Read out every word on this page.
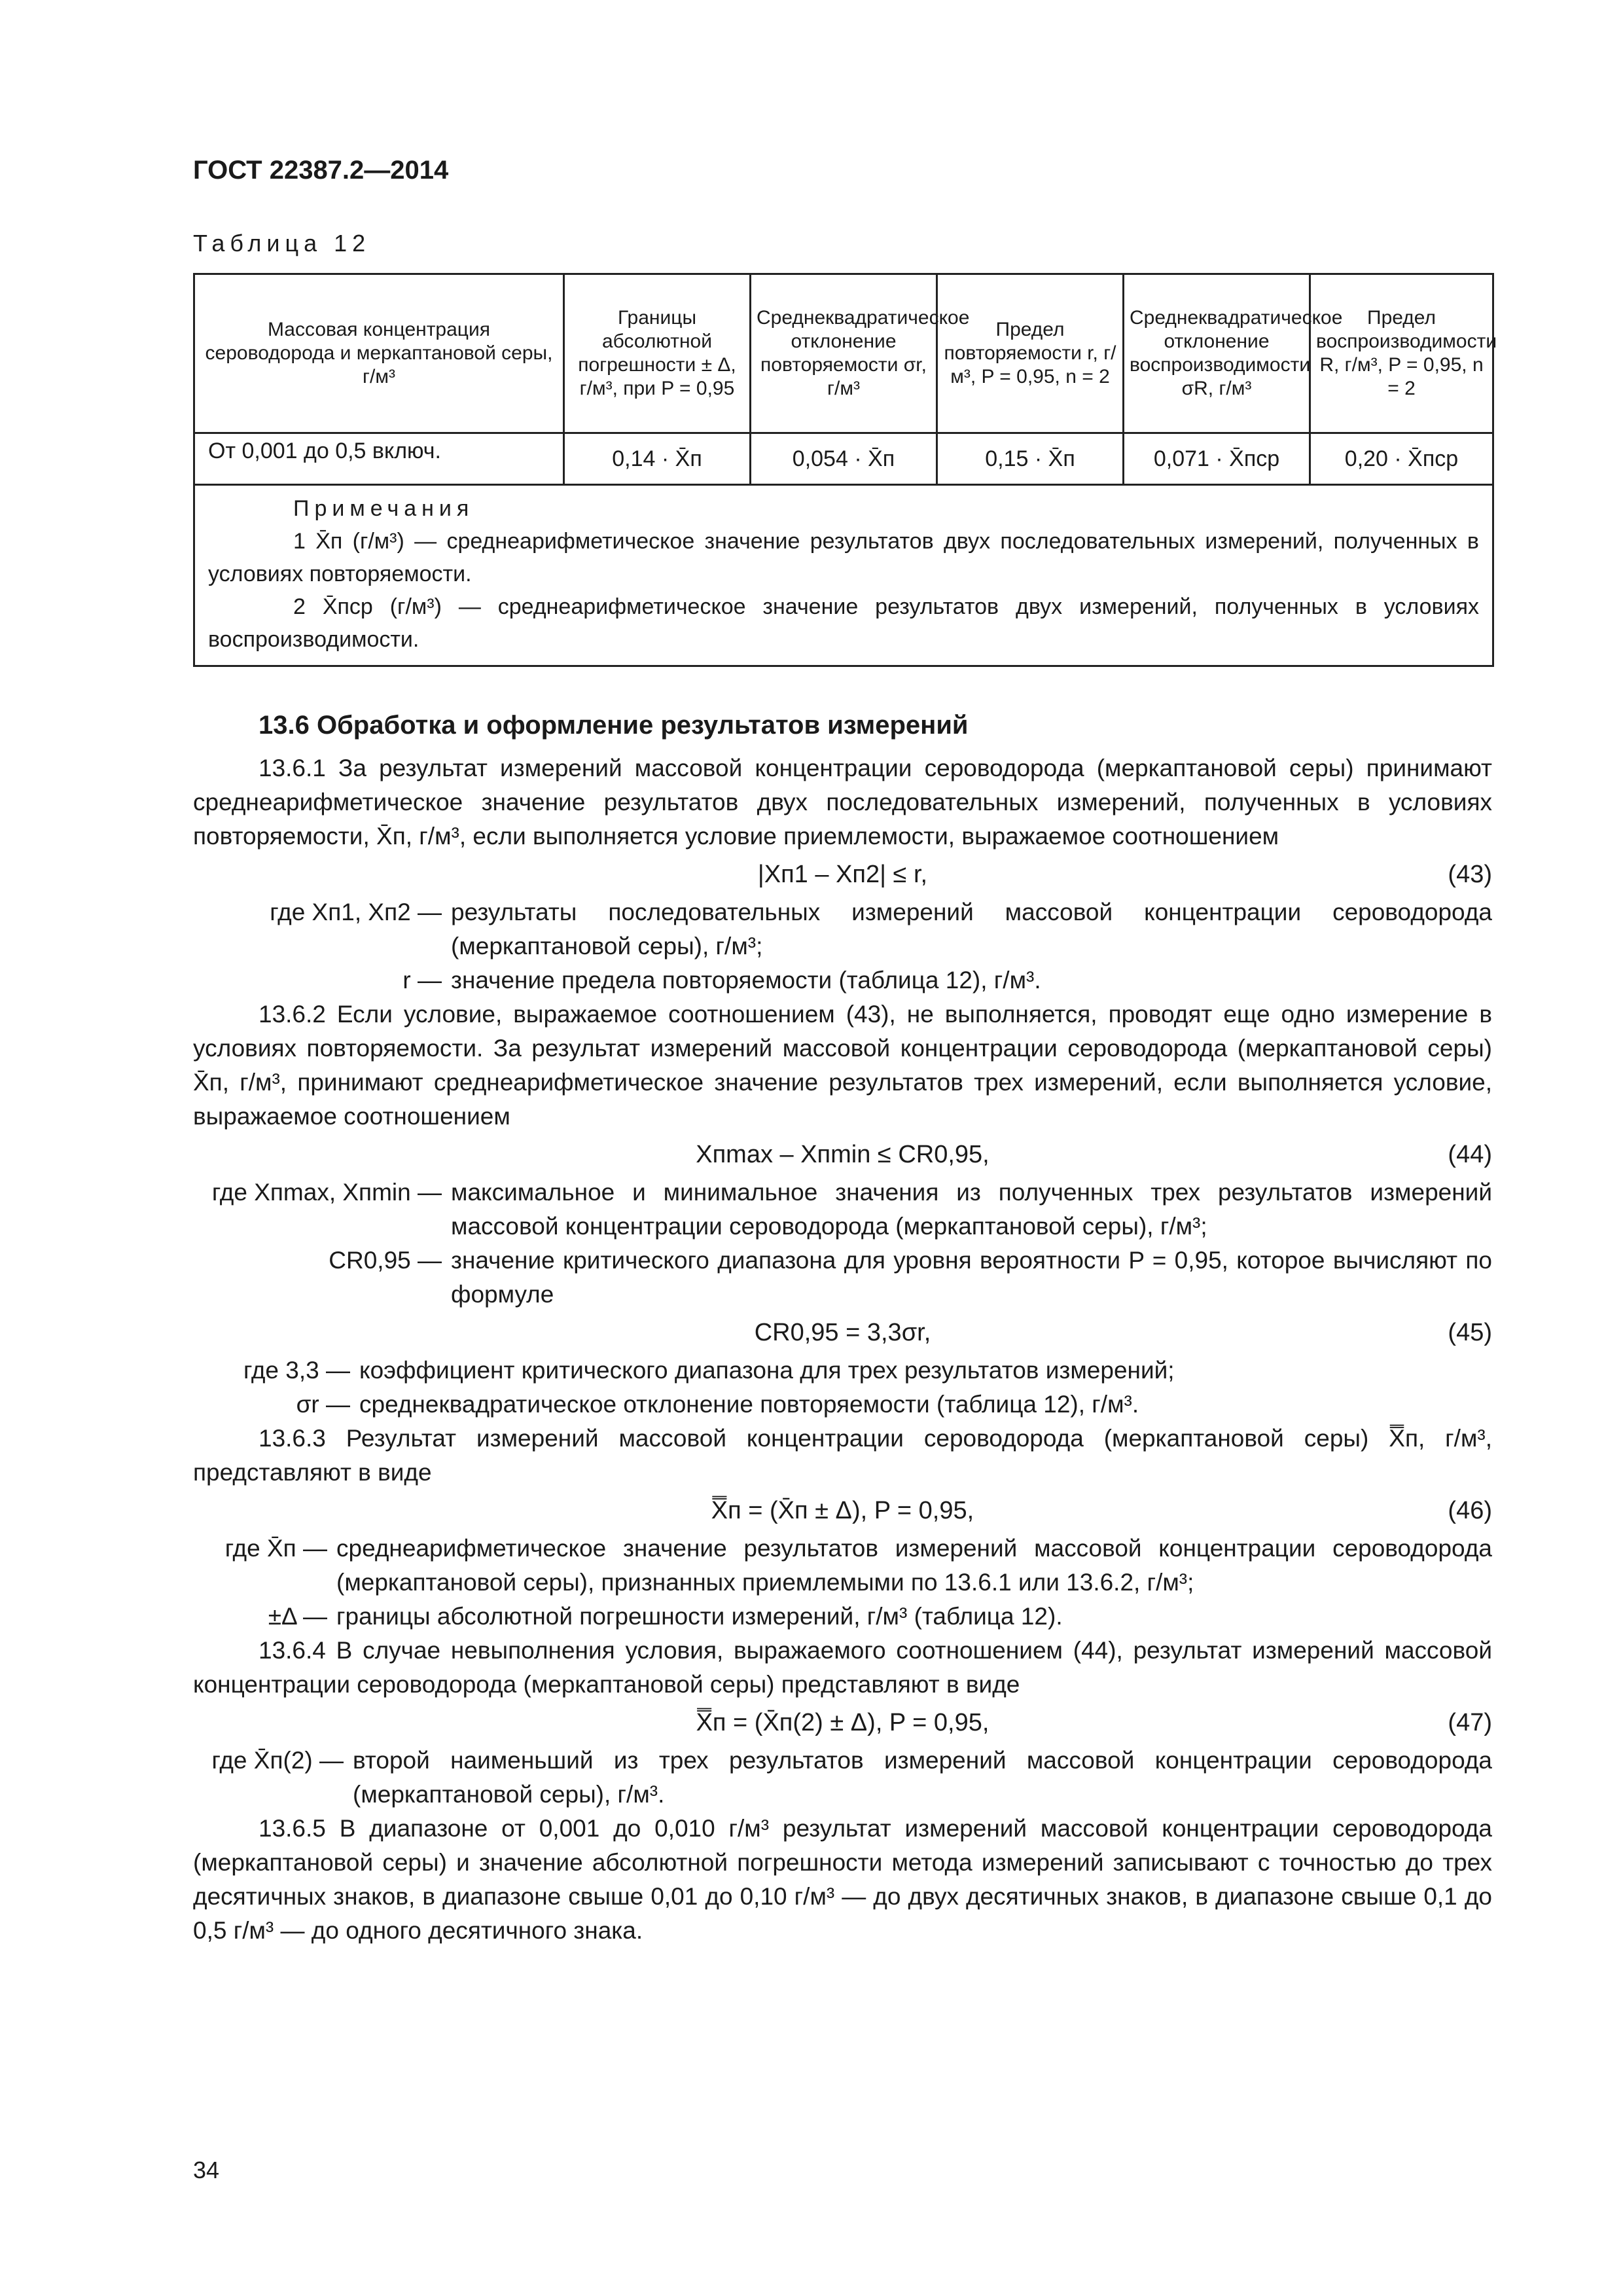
ГОСТ 22387.2—2014
Таблица 12
Массовая концентрация сероводорода и меркаптановой серы, г/м³	Границы абсолютной погрешности ± Δ, г/м³, при P = 0,95	Среднеквадратическое отклонение повторяемости σr, г/м³	Предел повторяемости r, г/м³, P = 0,95, n = 2	Среднеквадратическое отклонение воспроизводимости σR, г/м³	Предел воспроизводимости R, г/м³, P = 0,95, n = 2
От 0,001 до 0,5 включ.	0,14 · X̄п	0,054 · X̄п	0,15 · X̄п	0,071 · X̄пср	0,20 · X̄пср

Примечания
1 X̄п (г/м³) — среднеарифметическое значение результатов двух последовательных измерений, полученных в условиях повторяемости.
2 X̄пср (г/м³) — среднеарифметическое значение результатов двух измерений, полученных в условиях воспроизводимости.					
13.6 Обработка и оформление результатов измерений

13.6.1 За результат измерений массовой концентрации сероводорода (меркаптановой серы) принимают среднеарифметическое значение результатов двух последовательных измерений, полученных в условиях повторяемости, X̄п, г/м³, если выполняется условие приемлемости, выражаемое соотношением

|Xп1 – Xп2| ≤ r,	(43)
где Xп1, Xп2 — результаты последовательных измерений массовой концентрации сероводорода (меркаптановой серы), г/м³;
r — значение предела повторяемости (таблица 12), г/м³.

13.6.2 Если условие, выражаемое соотношением (43), не выполняется, проводят еще одно измерение в условиях повторяемости. За результат измерений массовой концентрации сероводорода (меркаптановой серы) X̄п, г/м³, принимают среднеарифметическое значение результатов трех измерений, если выполняется условие, выражаемое соотношением

Xпmax – Xпmin ≤ CR0,95,	(44)
где Xпmax, Xпmin — максимальное и минимальное значения из полученных трех результатов измерений массовой концентрации сероводорода (меркаптановой серы), г/м³;
CR0,95 — значение критического диапазона для уровня вероятности P = 0,95, которое вычисляют по формуле
CR0,95 = 3,3σr,	(45)
где 3,3 — коэффициент критического диапазона для трех результатов измерений;
σr — среднеквадратическое отклонение повторяемости (таблица 12), г/м³.

13.6.3 Результат измерений массовой концентрации сероводорода (меркаптановой серы) X̿п, г/м³, представляют в виде

X̿п = (X̄п ± Δ), P = 0,95,	(46)
где X̄п — среднеарифметическое значение результатов измерений массовой концентрации сероводорода (меркаптановой серы), признанных приемлемыми по 13.6.1 или 13.6.2, г/м³;
±Δ — границы абсолютной погрешности измерений, г/м³ (таблица 12).

13.6.4 В случае невыполнения условия, выражаемого соотношением (44), результат измерений массовой концентрации сероводорода (меркаптановой серы) представляют в виде

X̿п = (X̄п(2) ± Δ), P = 0,95,	(47)
где X̄п(2) — второй наименьший из трех результатов измерений массовой концентрации сероводорода (меркаптановой серы), г/м³.

13.6.5 В диапазоне от 0,001 до 0,010 г/м³ результат измерений массовой концентрации сероводорода (меркаптановой серы) и значение абсолютной погрешности метода измерений записывают с точностью до трех десятичных знаков, в диапазоне свыше 0,01 до 0,10 г/м³ — до двух десятичных знаков, в диапазоне свыше 0,1 до 0,5 г/м³ — до одного десятичного знака.

34
